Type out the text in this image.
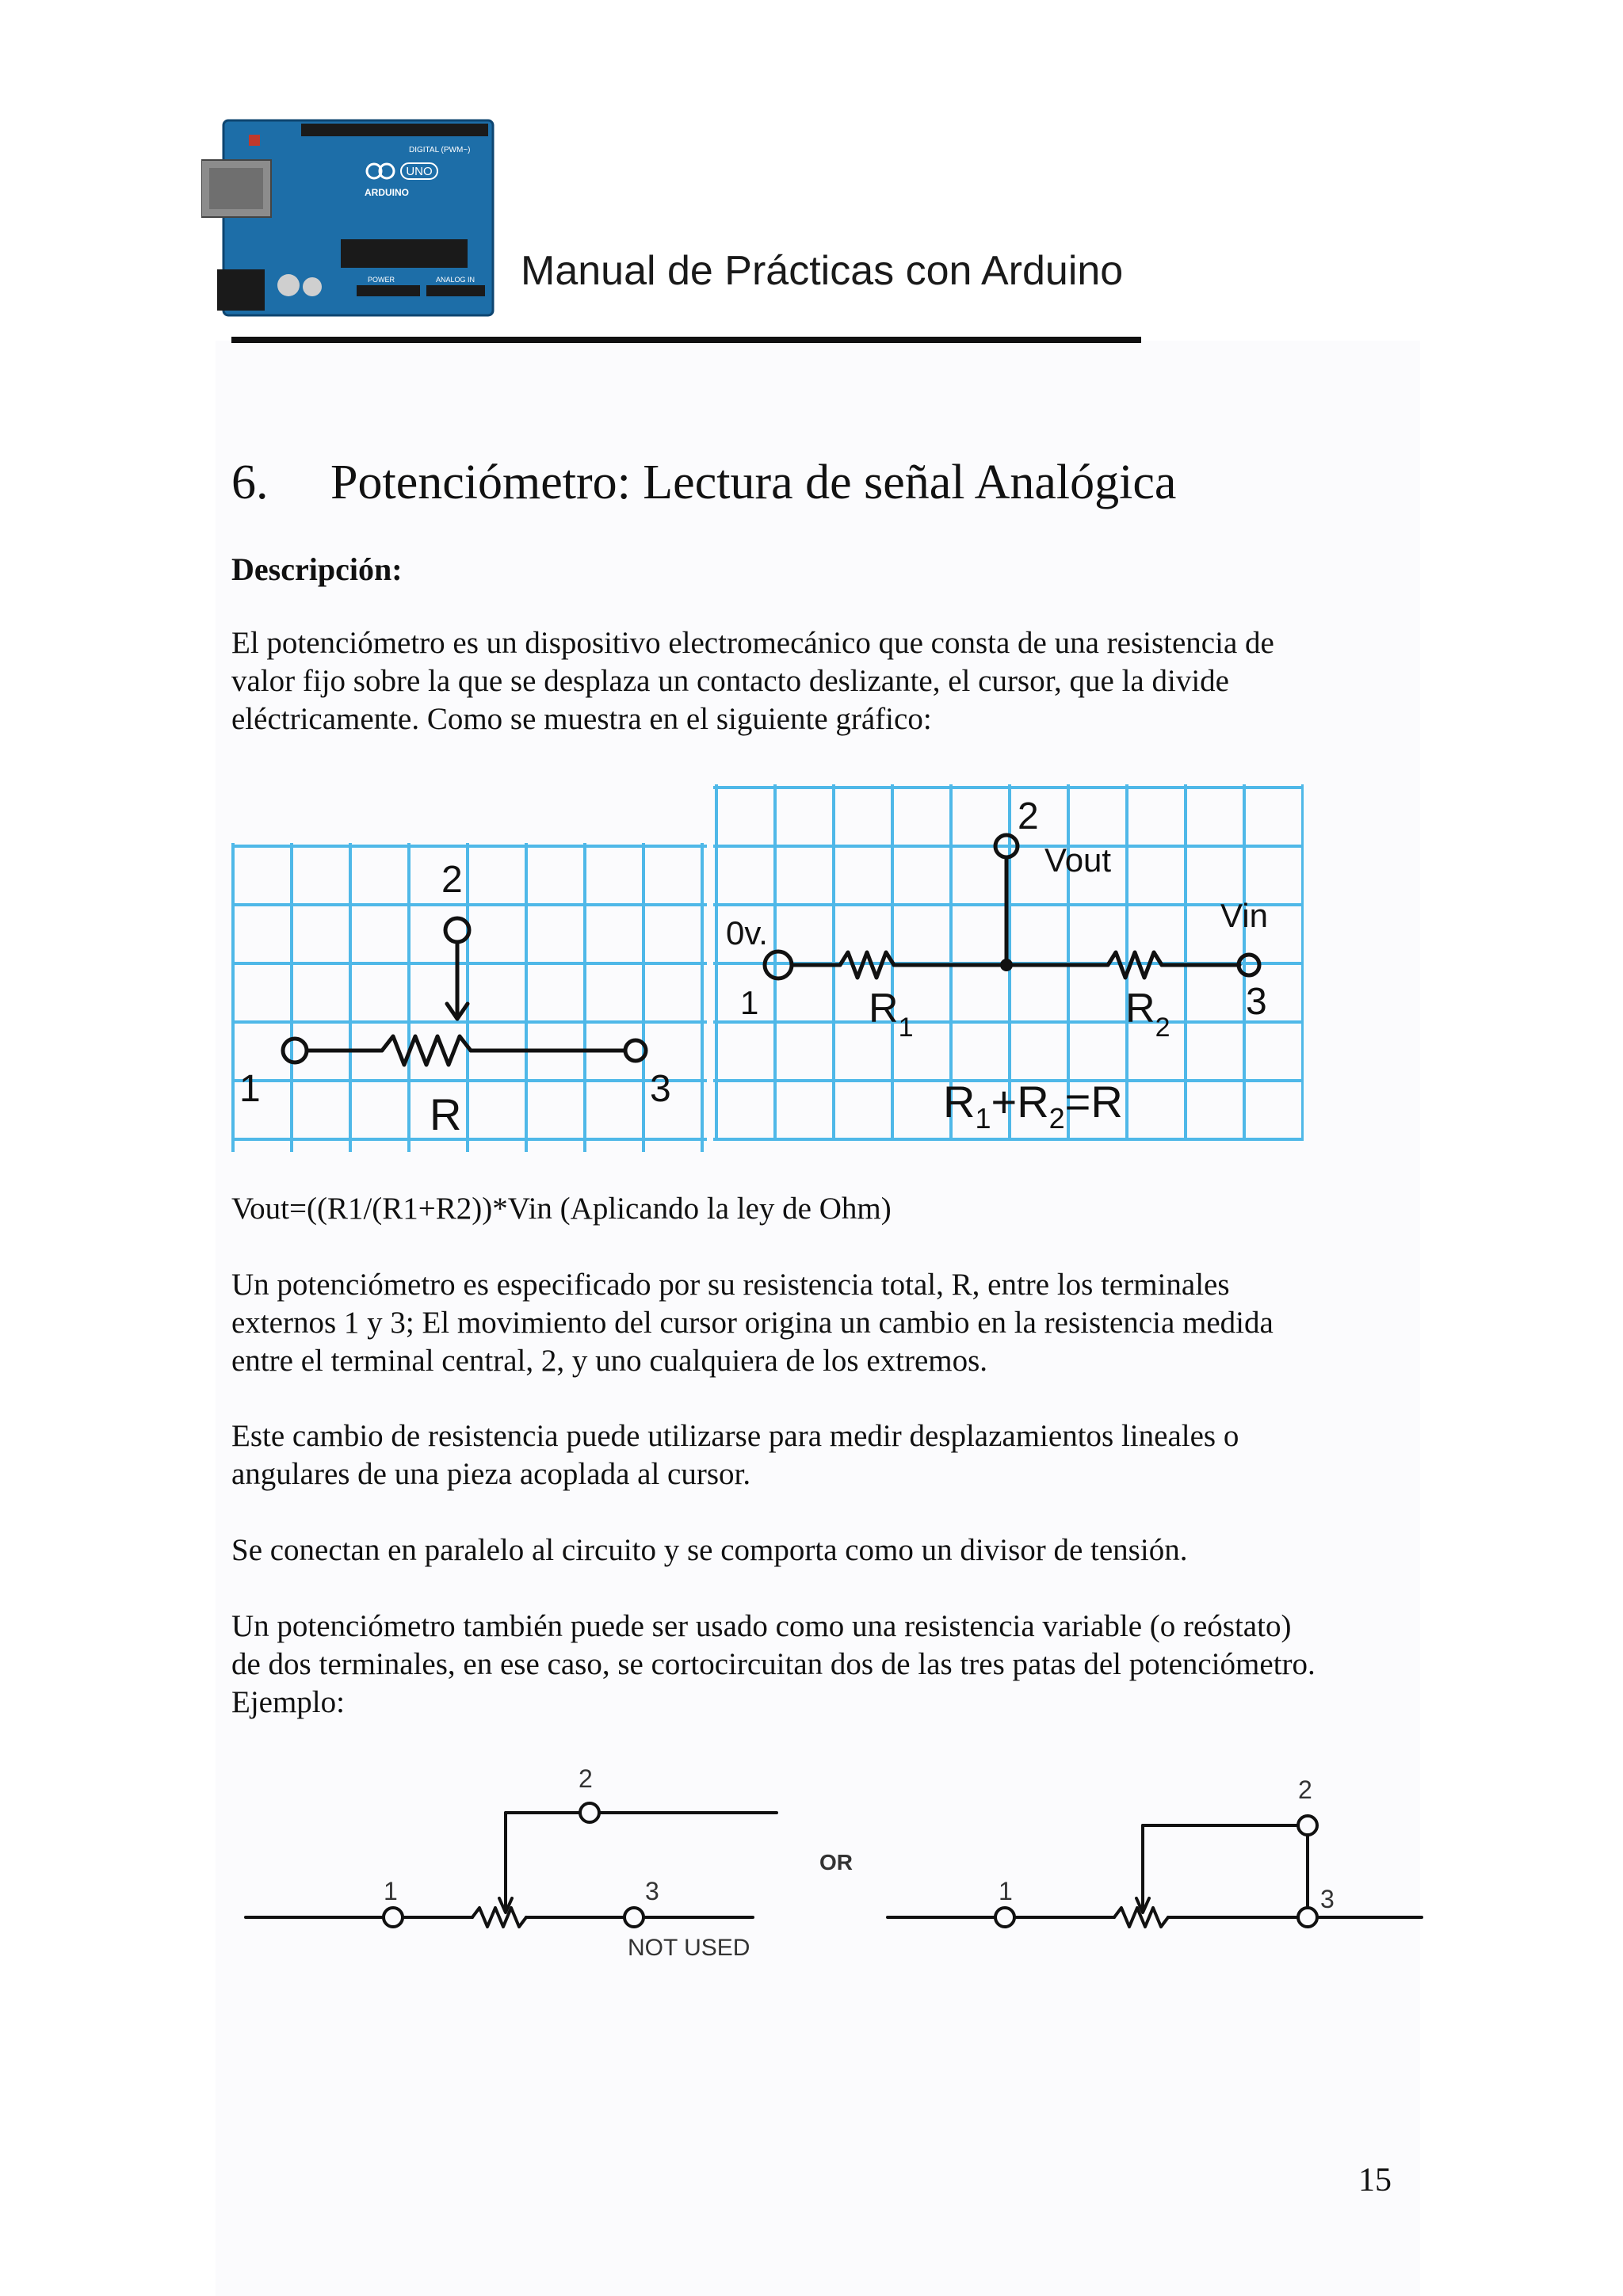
UNO
ARDUINO
DIGITAL (PWM~)
POWER	ANALOG IN Manual de Prácticas con Arduino
6. Potenciómetro: Lectura de señal Analógica
Descripción:

El potenciómetro es un dispositivo electromecánico que consta de una resistencia de
valor fijo sobre la que se desplaza un contacto deslizante, el cursor, que la divide
eléctricamente. Como se muestra en el siguiente gráfico:

1
2
3
R
0v.
1
2
Vout
Vin
3
$R_1$	$R_2$
$R_1+R_2=R$

Vout=((R1/(R1+R2))*Vin (Aplicando la ley de Ohm)

Un potenciómetro es especificado por su resistencia total, R, entre los terminales
externos 1 y 3; El movimiento del cursor origina un cambio en la resistencia medida
entre el terminal central, 2, y uno cualquiera de los extremos.

Este cambio de resistencia puede utilizarse para medir desplazamientos lineales o
angulares de una pieza acoplada al cursor.

Se conectan en paralelo al circuito y se comporta como un divisor de tensión.

Un potenciómetro también puede ser usado como una resistencia variable (o reóstato)
de dos terminales, en ese caso, se cortocircuitan dos de las tres patas del potenciómetro.
Ejemplo:

1
2
3
NOT USED
OR
1
2
3
15
